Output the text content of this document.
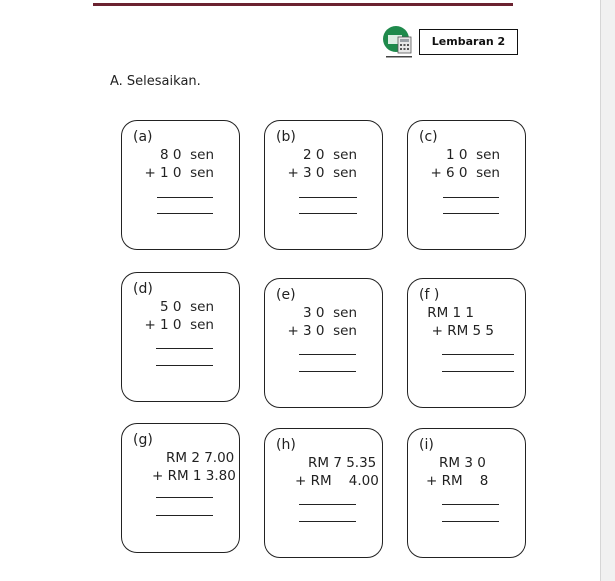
Lembaran 2
A. Selesaikan.
(a)
8 0  sen
+ 1 0  sen
(b)
2 0  sen
+ 3 0  sen
(c)
1 0  sen
+ 6 0  sen
(d)
5 0  sen
+ 1 0  sen
(e)
3 0  sen
+ 3 0  sen
(f )
RM 1 1
+ RM 5 5
(g)
RM 2 7.00
+ RM 1 3.80
(h)
RM 7 5.35
+ RM    4.00
(i)
RM 3 0
+ RM    8
